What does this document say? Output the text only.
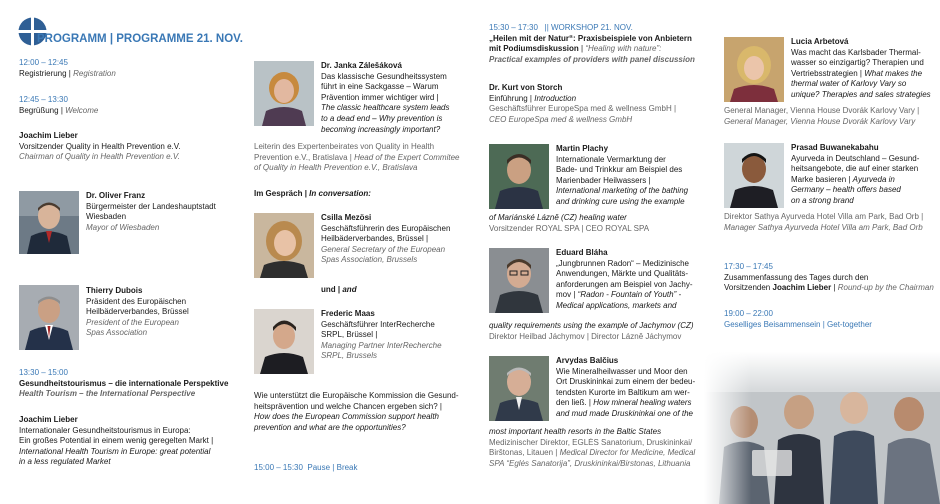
PROGRAMM | PROGRAMME 21. NOV.
12:00 – 12:45
Registrierung | Registration
12:45 – 13:30
Begrüßung | Welcome
Joachim Lieber
Vorsitzender Quality in Health Prevention e.V.
Chairman of Quality in Health Prevention e.V.
Dr. Oliver Franz
Bürgermeister der Landeshauptstadt
Wiesbaden
Mayor of Wiesbaden
Thierry Dubois
Präsident des Europäischen
Heilbäderverbandes, Brüssel
President of the European
Spas Association
13:30 – 15:00
Gesundheitstourismus – die internationale Perspektive
Health Tourism – the International Perspective
Joachim Lieber
Internationaler Gesundheitstourismus in Europa:
Ein großes Potential in einem wenig geregelten Markt |
International Health Tourism in Europe: great potential
in a less regulated Market
Dr. Janka Zálešáková
Das klassische Gesundheitssystem
führt in eine Sackgasse – Warum
Prävention immer wichtiger wird |
The classic healthcare system leads
to a dead end – Why prevention is
becoming increasingly important?
Leiterin des Expertenbeirates von Quality in Health
Prevention e.V., Bratislava | Head of the Expert Commitee
of Quality in Health Prevention e.V., Bratislava
Im Gespräch | In conversation:
Csilla Mezösi
Geschäftsführerin des Europäischen
Heilbäderverbandes, Brüssel |
General Secretary of the European
Spas Association, Brussels
und | and
Frederic Maas
Geschäftsführer InterRecherche
SRPL, Brüssel |
Managing Partner InterRecherche
SRPL, Brussels
Wie unterstützt die Europäische Kommission die Gesund-
heitsprävention und welche Chancen ergeben sich? |
How does the European Commission support health
prevention and what are the opportunities?
15:00 – 15:30 Pause | Break
15:30 – 17:30 || WORKSHOP 21. NOV.
„Heilen mit der Natur“: Praxisbeispiele von Anbietern
mit Podiumsdiskussion | “Healing with nature”:
Practical examples of providers with panel discussion
Dr. Kurt von Storch
Einführung | Introduction
Geschäftsführer EuropeSpa med & wellness GmbH |
CEO EuropeSpa med & wellness GmbH
Martin Plachy
Internationale Vermarktung der
Bade- und Trinkkur am Beispiel des
Marienbader Heilwassers |
International marketing of the bathing
and drinking cure using the example
of Mariánské Lázně (CZ) healing water
Vorsitzender ROYAL SPA | CEO ROYAL SPA
Eduard Bláha
„Jungbrunnen Radon“ – Medizinische
Anwendungen, Märkte und Qualitäts-
anforderungen am Beispiel von Jachy-
mov | “Radon - Fountain of Youth” -
Medical applications, markets and
quality requirements using the example of Jachymov (CZ)
Direktor Heilbad Jáchymov | Director Lázně Jáchymov
Arvydas Balčius
Wie Mineralheilwasser und Moor den
Ort Druskininkai zum einem der bedeu-
tendsten Kurorte im Baltikum am wer-
den ließ. | How mineral healing waters
and mud made Druskininkai one of the
most important health resorts in the Baltic States
Medizinischer Direktor, EGLĖS Sanatorium, Druskininkai/
Birštonas, Litauen | Medical Director for Medicine, Medical
SPA “Eglės Sanatorija”, Druskininkai/Birstonas, Lithuania
Lucia Arbetová
Was macht das Karlsbader Thermal-
wasser so einzigartig? Therapien und
Vertriebsstrategien | What makes the
thermal water of Karlovy Vary so
unique? Therapies and sales strategies
General Manager, Vienna House Dvorák Karlovy Vary |
General Manager, Vienna House Dvorák Karlovy Vary
Prasad Buwanekabahu
Ayurveda in Deutschland – Gesund-
heitsangebote, die auf einer starken
Marke basieren | Ayurveda in
Germany – health offers based
on a strong brand
Direktor Sathya Ayurveda Hotel Villa am Park, Bad Orb |
Manager Sathya Ayurveda Hotel Villa am Park, Bad Orb
17:30 – 17:45
Zusammenfassung des Tages durch den
Vorsitzenden Joachim Lieber | Round-up by the Chairman
19:00 – 22:00
Geselliges Beisammensein | Get-together
